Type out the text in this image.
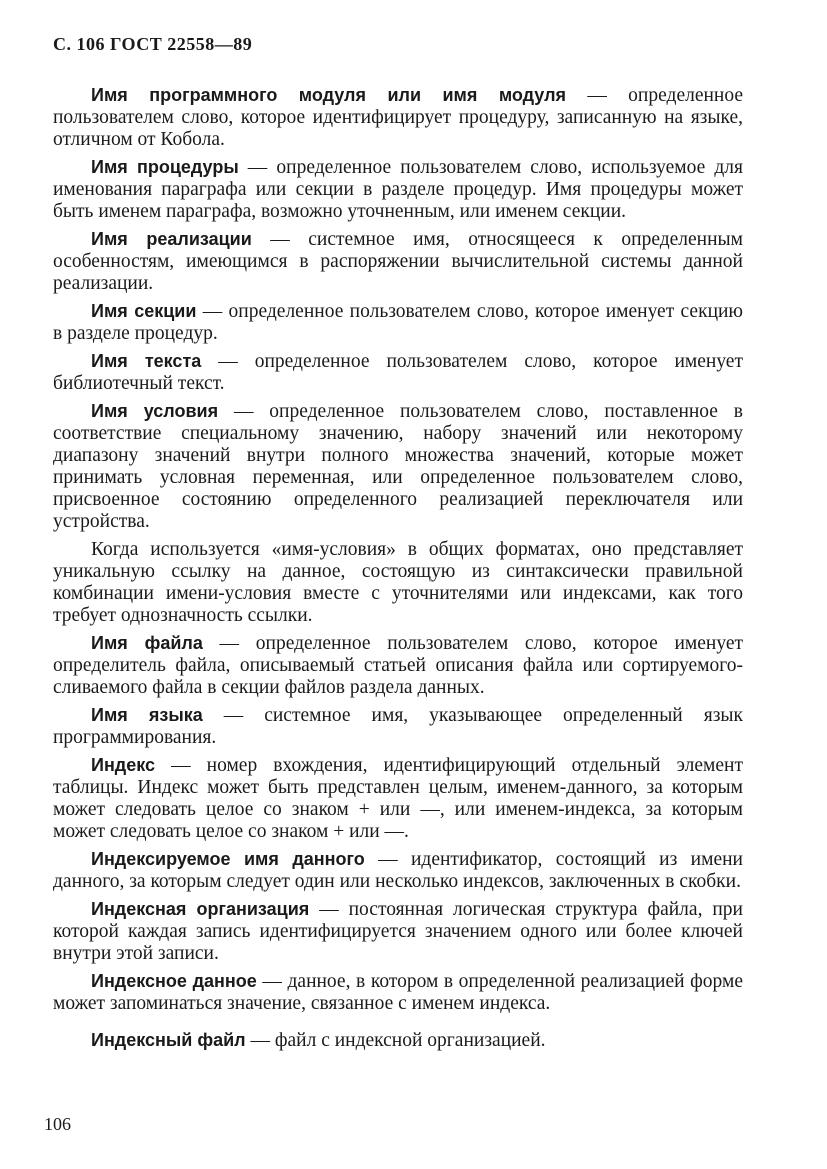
С. 106 ГОСТ 22558—89

Имя программного модуля или имя модуля — определенное пользователем слово, которое идентифицирует процедуру, записанную на языке, отличном от Кобола.

Имя процедуры — определенное пользователем слово, используемое для именования параграфа или секции в разделе процедур. Имя процедуры может быть именем параграфа, возможно уточненным, или именем секции.

Имя реализации — системное имя, относящееся к определенным особенностям, имеющимся в распоряжении вычислительной системы данной реализации.

Имя секции — определенное пользователем слово, которое именует секцию в разделе процедур.

Имя текста — определенное пользователем слово, которое именует библиотечный текст.

Имя условия — определенное пользователем слово, поставленное в соответствие специальному значению, набору значений или некоторому диапазону значений внутри полного множества значений, которые может принимать условная переменная, или определенное пользователем слово, присвоенное состоянию определенного реализацией переключателя или устройства.

Когда используется «имя-условия» в общих форматах, оно представляет уникальную ссылку на данное, состоящую из синтаксически правильной комбинации имени-условия вместе с уточнителями или индексами, как того требует однозначность ссылки.

Имя файла — определенное пользователем слово, которое именует определитель файла, описываемый статьей описания файла или сортируемого-сливаемого файла в секции файлов раздела данных.

Имя языка — системное имя, указывающее определенный язык программирования.

Индекс — номер вхождения, идентифицирующий отдельный элемент таблицы. Индекс может быть представлен целым, именем-данного, за которым может следовать целое со знаком + или —, или именем-индекса, за которым может следовать целое со знаком + или —.

Индексируемое имя данного — идентификатор, состоящий из имени данного, за которым следует один или несколько индексов, заключенных в скобки.

Индексная организация — постоянная логическая структура файла, при которой каждая запись идентифицируется значением одного или более ключей внутри этой записи.

Индексное данное — данное, в котором в определенной реализацией форме может запоминаться значение, связанное с именем индекса.

Индексный файл — файл с индексной организацией.

106
